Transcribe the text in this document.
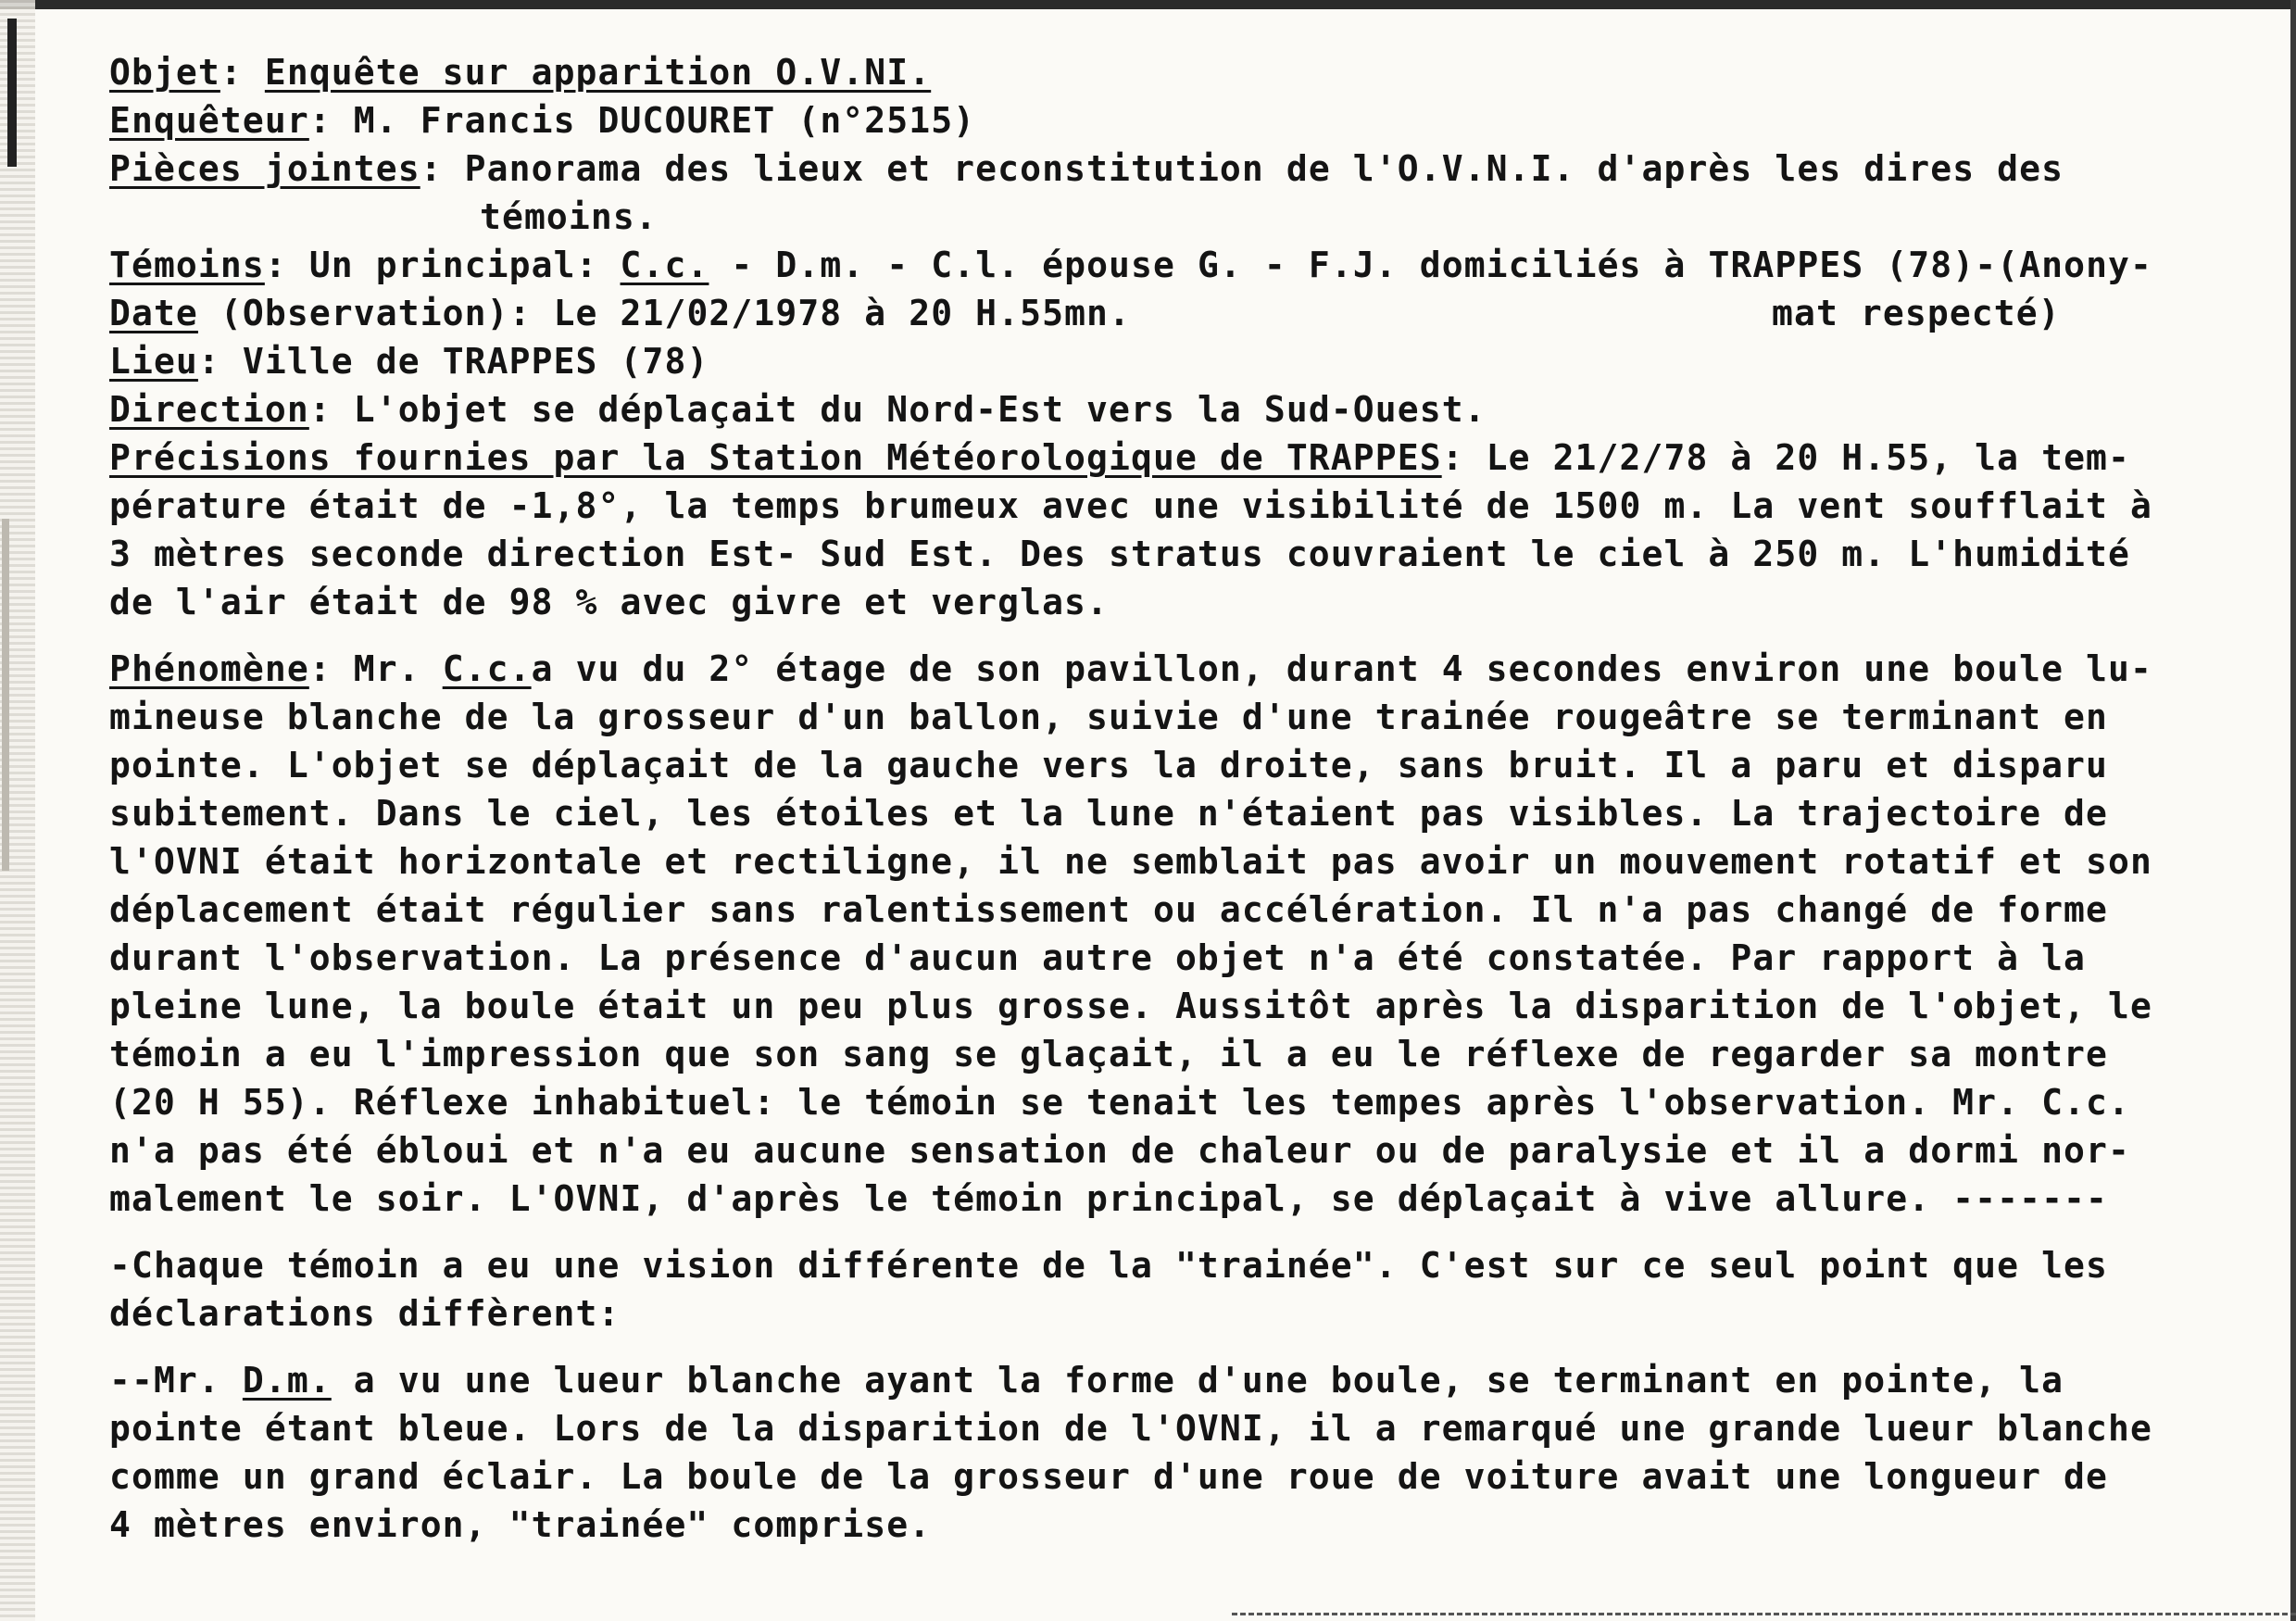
Objet: Enquête sur apparition O.V.NI.
Enquêteur: M. Francis DUCOURET (n°2515)
Pièces jointes: Panorama des lieux et reconstitution de l'O.V.N.I. d'après les dires des
témoins.
Témoins: Un principal: C.c. - D.m. - C.l. épouse G. - F.J. domiciliés à TRAPPES (78)-(Anony-
Date (Observation): Le 21/02/1978 à 20 H.55mn.	mat respecté)
Lieu: Ville de TRAPPES (78)
Direction: L'objet se déplaçait du Nord-Est vers la Sud-Ouest.
Précisions fournies par la Station Météorologique de TRAPPES: Le 21/2/78 à 20 H.55, la tem-
pérature était de -1,8°, la temps brumeux avec une visibilité de 1500 m. La vent soufflait à
3 mètres seconde direction Est- Sud Est. Des stratus couvraient le ciel à 250 m. L'humidité
de l'air était de 98 % avec givre et verglas.
Phénomène: Mr. C.c.a vu du 2° étage de son pavillon, durant 4 secondes environ une boule lu-
mineuse blanche de la grosseur d'un ballon, suivie d'une trainée rougeâtre se terminant en
pointe. L'objet se déplaçait de la gauche vers la droite, sans bruit. Il a paru et disparu
subitement. Dans le ciel, les étoiles et la lune n'étaient pas visibles. La trajectoire de
l'OVNI était horizontale et rectiligne, il ne semblait pas avoir un mouvement rotatif et son
déplacement était régulier sans ralentissement ou accélération. Il n'a pas changé de forme
durant l'observation. La présence d'aucun autre objet n'a été constatée. Par rapport à la
pleine lune, la boule était un peu plus grosse. Aussitôt après la disparition de l'objet, le
témoin a eu l'impression que son sang se glaçait, il a eu le réflexe de regarder sa montre
(20 H 55). Réflexe inhabituel: le témoin se tenait les tempes après l'observation. Mr. C.c.
n'a pas été ébloui et n'a eu aucune sensation de chaleur ou de paralysie et il a dormi nor-
malement le soir. L'OVNI, d'après le témoin principal, se déplaçait à vive allure. -------
-Chaque témoin a eu une vision différente de la "trainée". C'est sur ce seul point que les
déclarations diffèrent:
--Mr. D.m. a vu une lueur blanche ayant la forme d'une boule, se terminant en pointe, la
pointe étant bleue. Lors de la disparition de l'OVNI, il a remarqué une grande lueur blanche
comme un grand éclair. La boule de la grosseur d'une roue de voiture avait une longueur de
4 mètres environ, "trainée" comprise.
